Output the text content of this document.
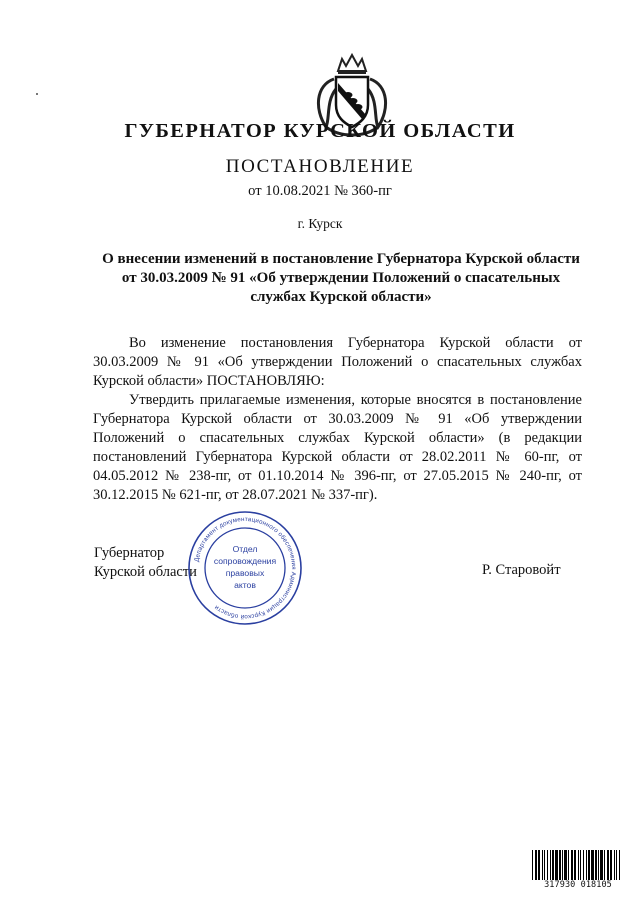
ГУБЕРНАТОР КУРСКОЙ ОБЛАСТИ
ПОСТАНОВЛЕНИЕ
от 10.08.2021 № 360-пг
г. Курск
О внесении изменений в постановление Губернатора Курской области от 30.03.2009 № 91 «Об утверждении Положений о спасательных службах Курской области»
Во изменение постановления Губернатора Курской области от 30.03.2009 № 91 «Об утверждении Положений о спасательных службах Курской области» ПОСТАНОВЛЯЮ:
Утвердить прилагаемые изменения, которые вносятся в постановление Губернатора Курской области от 30.03.2009 № 91 «Об утверждении Положений о спасательных службах Курской области» (в редакции постановлений Губернатора Курской области от 28.02.2011 № 60-пг, от 04.05.2012 № 238-пг, от 01.10.2014 № 396-пг, от 27.05.2015 № 240-пг, от 30.12.2015 № 621-пг, от 28.07.2021 № 337-пг).
Губернатор
Курской области	Р. Старовойт
Департамент документационного обеспечения Администрации Курской области
Отдел
сопровождения
правовых
актов
317930 018105
